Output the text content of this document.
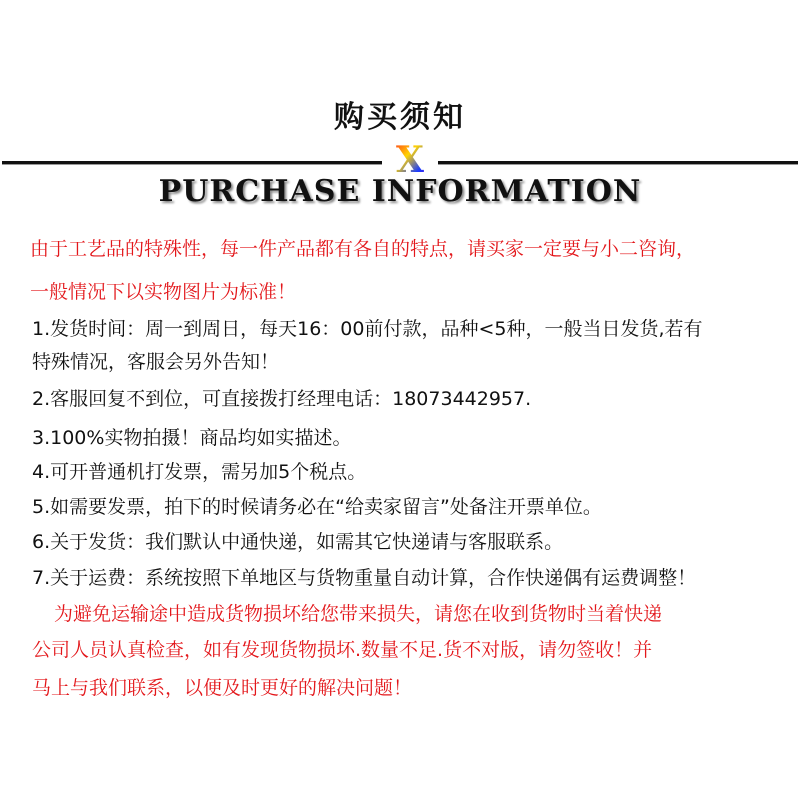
购买须知
X
PURCHASE INFORMATION
由于工艺品的特殊性，每一件产品都有各自的特点，请买家一定要与小二咨询，
一般情况下以实物图片为标准！
1.发货时间：周一到周日，每天16：00前付款，品种<5种，一般当日发货,若有
特殊情况，客服会另外告知！
2.客服回复不到位，可直接拨打经理电话：18073442957.
3.100%实物拍摄！商品均如实描述。
4.可开普通机打发票，需另加5个税点。
5.如需要发票，拍下的时候请务必在“给卖家留言”处备注开票单位。
6.关于发货：我们默认中通快递，如需其它快递请与客服联系。
7.关于运费：系统按照下单地区与货物重量自动计算，合作快递偶有运费调整！
为避免运输途中造成货物损坏给您带来损失，请您在收到货物时当着快递
公司人员认真检查，如有发现货物损坏.数量不足.货不对版，请勿签收！并
马上与我们联系，以便及时更好的解决问题！
